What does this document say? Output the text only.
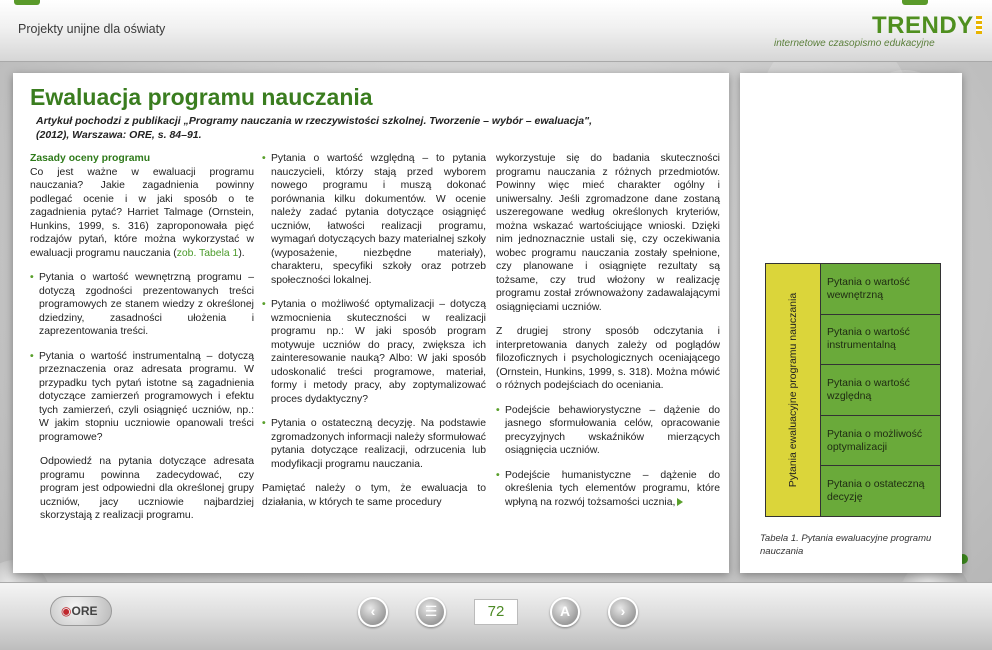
Projekty unijne dla oświaty	TRENDY
internetowe czasopismo edukacyjne
Ewaluacja programu nauczania
Artykuł pochodzi z publikacji „Programy nauczania w rzeczywistości szkolnej. Tworzenie – wybór – ewaluacja", (2012), Warszawa: ORE, s. 84–91.

Zasady oceny programu

Co jest ważne w ewaluacji programu nauczania? Jakie zagadnienia powinny podlegać ocenie i w jaki sposób o te zagadnienia pytać? Harriet Talmage (Ornstein, Hunkins, 1999, s. 316) zaproponowała pięć rodzajów pytań, które można wykorzystać w ewaluacji programu nauczania (zob. Tabela 1).

• Pytania o wartość wewnętrzną programu – dotyczą zgodności prezentowanych treści programowych ze stanem wiedzy z określonej dziedziny, zasadności ułożenia i zaprezentowania treści.

• Pytania o wartość instrumentalną – dotyczą przeznaczenia oraz adresata programu. W przypadku tych pytań istotne są zagadnienia dotyczące zamierzeń programowych i efektu tych zamierzeń, czyli osiągnięć uczniów, np.: W jakim stopniu uczniowie opanowali treści programowe?

Odpowiedź na pytania dotyczące adresata programu powinna zadecydować, czy program jest odpowiedni dla określonej grupy uczniów, jacy uczniowie najbardziej skorzystają z realizacji programu.

• Pytania o wartość względną – to pytania nauczycieli, którzy stają przed wyborem nowego programu i muszą dokonać porównania kilku dokumentów. W ocenie należy zadać pytania dotyczące osiągnięć uczniów, łatwości realizacji programu, wymagań dotyczących bazy materialnej szkoły (wyposażenie, niezbędne materiały), charakteru, specyfiki szkoły oraz potrzeb społeczności lokalnej.

• Pytania o możliwość optymalizacji – dotyczą wzmocnienia skuteczności w realizacji programu np.: W jaki sposób program motywuje uczniów do pracy, zwiększa ich zainteresowanie nauką? Albo: W jaki sposób udoskonalić treści programowe, materiał, formy i metody pracy, aby zoptymalizować proces dydaktyczny?

• Pytania o ostateczną decyzję. Na podstawie zgromadzonych informacji należy sformułować pytania dotyczące realizacji, odrzucenia lub modyfikacji programu nauczania.

Pamiętać należy o tym, że ewaluacja to działania, w których te same procedury

wykorzystuje się do badania skuteczności programu nauczania z różnych przedmiotów. Powinny więc mieć charakter ogólny i uniwersalny. Jeśli zgromadzone dane zostaną uszeregowane według określonych kryteriów, można wskazać wartościujące wnioski. Dzięki nim jednoznacznie ustali się, czy oczekiwania wobec programu nauczania zostały spełnione, czy planowane i osiągnięte rezultaty są tożsame, czy trud włożony w realizację programu został zrównoważony zadawalającymi osiągnięciami uczniów.

Z drugiej strony sposób odczytania i interpretowania danych zależy od poglądów filozoficznych i psychologicznych oceniającego (Ornstein, Hunkins, 1999, s. 318). Można mówić o różnych podejściach do oceniania.

• Podejście behawiorystyczne – dążenie do jasnego sformułowania celów, opracowanie precyzyjnych wskaźników mierzących osiągnięcia uczniów.

• Podejście humanistyczne – dążenie do określenia tych elementów programu, które wpłyną na rozwój tożsamości ucznia,

Pytania ewaluacyjne programu nauczania
Pytania o wartość wewnętrzną
Pytania o wartość instrumentalną
Pytania o wartość względną
Pytania o możliwość optymalizacji
Pytania o ostateczną decyzję
Tabela 1. Pytania ewaluacyjne programu nauczania
◉ORE	‹	☰	72	A	›
